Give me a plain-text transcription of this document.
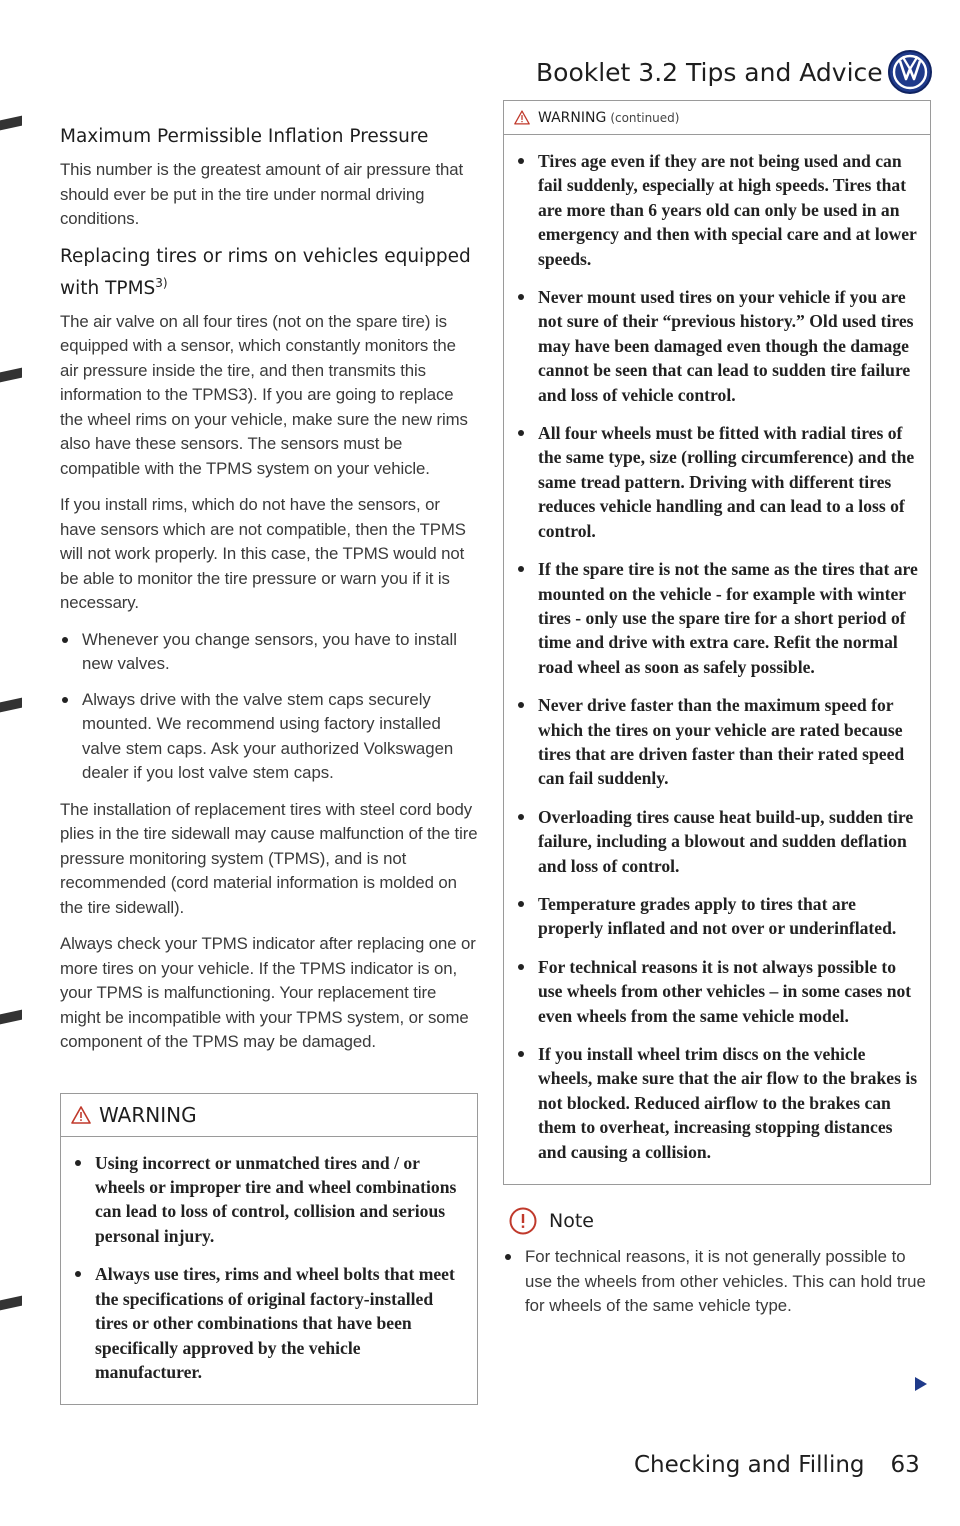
Booklet 3.2 Tips and Advice
Maximum Permissible Inflation Pressure

This number is the greatest amount of air pressure that should ever be put in the tire under normal driving conditions.

Replacing tires or rims on vehicles equipped with TPMS$^{3)}$

The air valve on all four tires (not on the spare tire) is equipped with a sensor, which constantly monitors the air pressure inside the tire, and then transmits this information to the TPMS3). If you are going to replace the wheel rims on your vehicle, make sure the new rims also have these sensors. The sensors must be compatible with the TPMS system on your vehicle.

If you install rims, which do not have the sensors, or have sensors which are not compatible, then the TPMS will not work properly. In this case, the TPMS would not be able to monitor the tire pressure or warn you if it is necessary.

Whenever you change sensors, you have to install new valves.
Always drive with the valve stem caps securely mounted. We recommend using factory installed valve stem caps. Ask your authorized Volkswagen dealer if you lost valve stem caps.

The installation of replacement tires with steel cord body plies in the tire sidewall may cause malfunction of the tire pressure monitoring system (TPMS), and is not recommended (cord material information is molded on the tire sidewall).

Always check your TPMS indicator after replacing one or more tires on your vehicle. If the TPMS indicator is on, your TPMS is malfunctioning. Your replacement tire might be incompatible with your TPMS system, or some component of the TPMS may be damaged.

WARNING
Using incorrect or unmatched tires and / or wheels or improper tire and wheel combinations can lead to loss of control, collision and serious personal injury.
Always use tires, rims and wheel bolts that meet the specifications of original factory-installed tires or other combinations that have been specifically approved by the vehicle manufacturer.
WARNING (continued)
Tires age even if they are not being used and can fail suddenly, especially at high speeds. Tires that are more than 6 years old can only be used in an emergency and then with special care and at lower speeds.
Never mount used tires on your vehicle if you are not sure of their “previous history.” Old used tires may have been damaged even though the damage cannot be seen that can lead to sudden tire failure and loss of vehicle control.
All four wheels must be fitted with radial tires of the same type, size (rolling circumference) and the same tread pattern. Driving with different tires reduces vehicle handling and can lead to a loss of control.
If the spare tire is not the same as the tires that are mounted on the vehicle - for example with winter tires - only use the spare tire for a short period of time and drive with extra care. Refit the normal road wheel as soon as safely possible.
Never drive faster than the maximum speed for which the tires on your vehicle are rated because tires that are driven faster than their rated speed can fail suddenly.
Overloading tires cause heat build-up, sudden tire failure, including a blowout and sudden deflation and loss of control.
Temperature grades apply to tires that are properly inflated and not over or underinflated.
For technical reasons it is not always possible to use wheels from other vehicles – in some cases not even wheels from the same vehicle model.
If you install wheel trim discs on the vehicle wheels, make sure that the air flow to the brakes is not blocked. Reduced airflow to the brakes can them to overheat, increasing stopping distances and causing a collision.
Note
For technical reasons, it is not generally possible to use the wheels from other vehicles. This can hold true for wheels of the same vehicle type.
Checking and Filling 63
